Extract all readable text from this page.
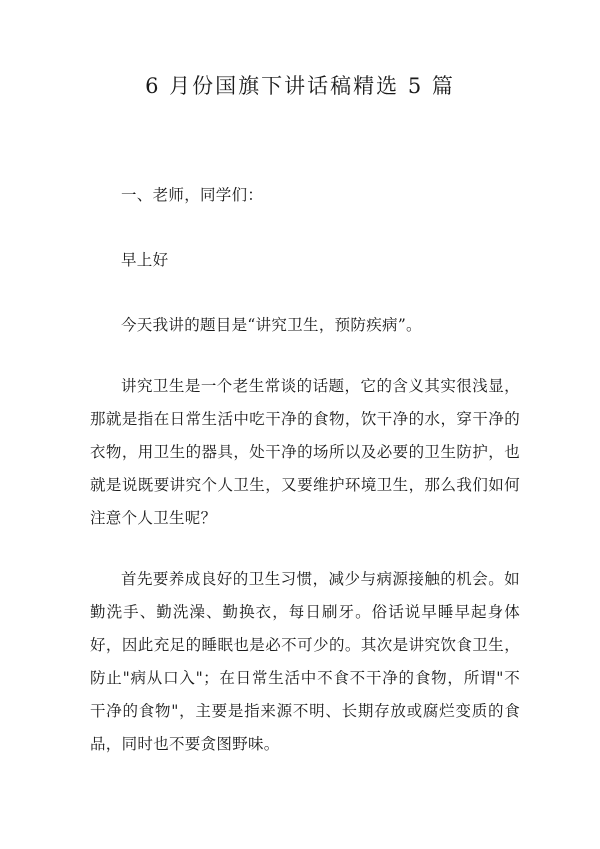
6 月份国旗下讲话稿精选 5 篇

一、老师，同学们：

早上好

今天我讲的题目是“讲究卫生，预防疾病”。

讲究卫生是一个老生常谈的话题，它的含义其实很浅显，那就是指在日常生活中吃干净的食物，饮干净的水，穿干净的衣物，用卫生的器具，处干净的场所以及必要的卫生防护，也就是说既要讲究个人卫生，又要维护环境卫生，那么我们如何注意个人卫生呢？

首先要养成良好的卫生习惯，减少与病源接触的机会。如勤洗手、勤洗澡、勤换衣，每日刷牙。俗话说早睡早起身体好，因此充足的睡眠也是必不可少的。其次是讲究饮食卫生，防止"病从口入"；在日常生活中不食不干净的食物，所谓"不干净的食物"，主要是指来源不明、长期存放或腐烂变质的食品，同时也不要贪图野味。
